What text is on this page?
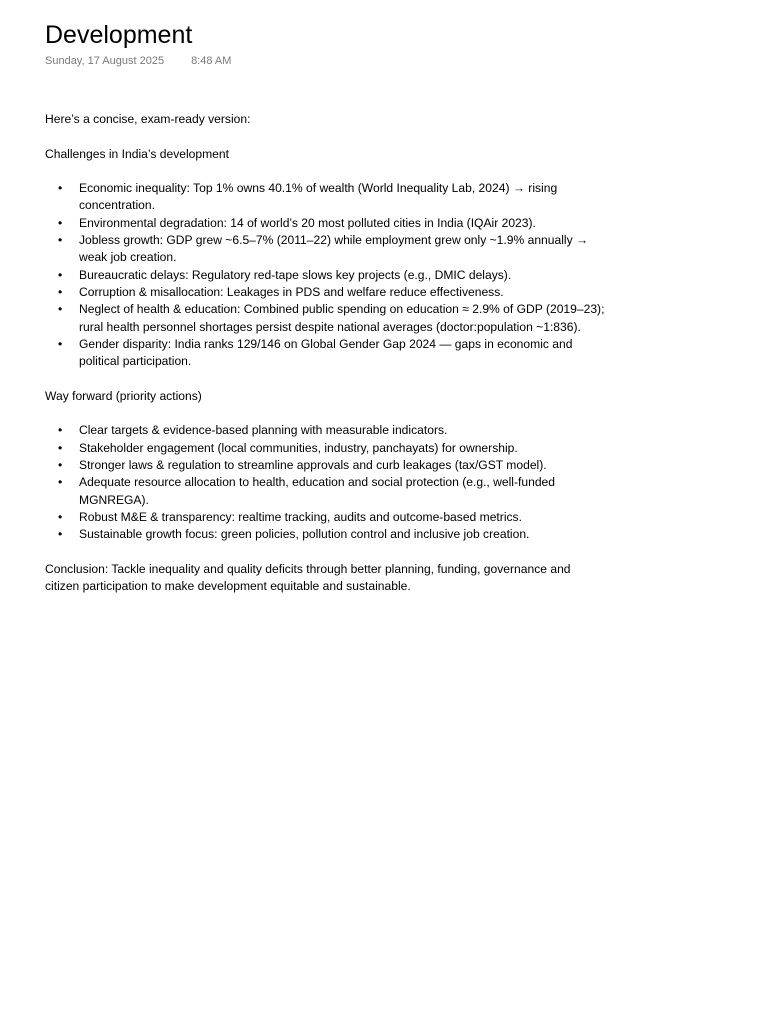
Development
Sunday, 17 August 2025 8:48 AM

Here’s a concise, exam-ready version:

Challenges in India’s development

• Economic inequality: Top 1% owns 40.1% of wealth (World Inequality Lab, 2024) → rising concentration.
• Environmental degradation: 14 of world’s 20 most polluted cities in India (IQAir 2023).
• Jobless growth: GDP grew ~6.5–7% (2011–22) while employment grew only ~1.9% annually → weak job creation.
• Bureaucratic delays: Regulatory red-tape slows key projects (e.g., DMIC delays).
• Corruption & misallocation: Leakages in PDS and welfare reduce effectiveness.
• Neglect of health & education: Combined public spending on education ≈ 2.9% of GDP (2019–23); rural health personnel shortages persist despite national averages (doctor:population ~1:836).
• Gender disparity: India ranks 129/146 on Global Gender Gap 2024 — gaps in economic and political participation.

Way forward (priority actions)

• Clear targets & evidence-based planning with measurable indicators.
• Stakeholder engagement (local communities, industry, panchayats) for ownership.
• Stronger laws & regulation to streamline approvals and curb leakages (tax/GST model).
• Adequate resource allocation to health, education and social protection (e.g., well-funded MGNREGA).
• Robust M&E & transparency: realtime tracking, audits and outcome-based metrics.
• Sustainable growth focus: green policies, pollution control and inclusive job creation.

Conclusion: Tackle inequality and quality deficits through better planning, funding, governance and citizen participation to make development equitable and sustainable.
